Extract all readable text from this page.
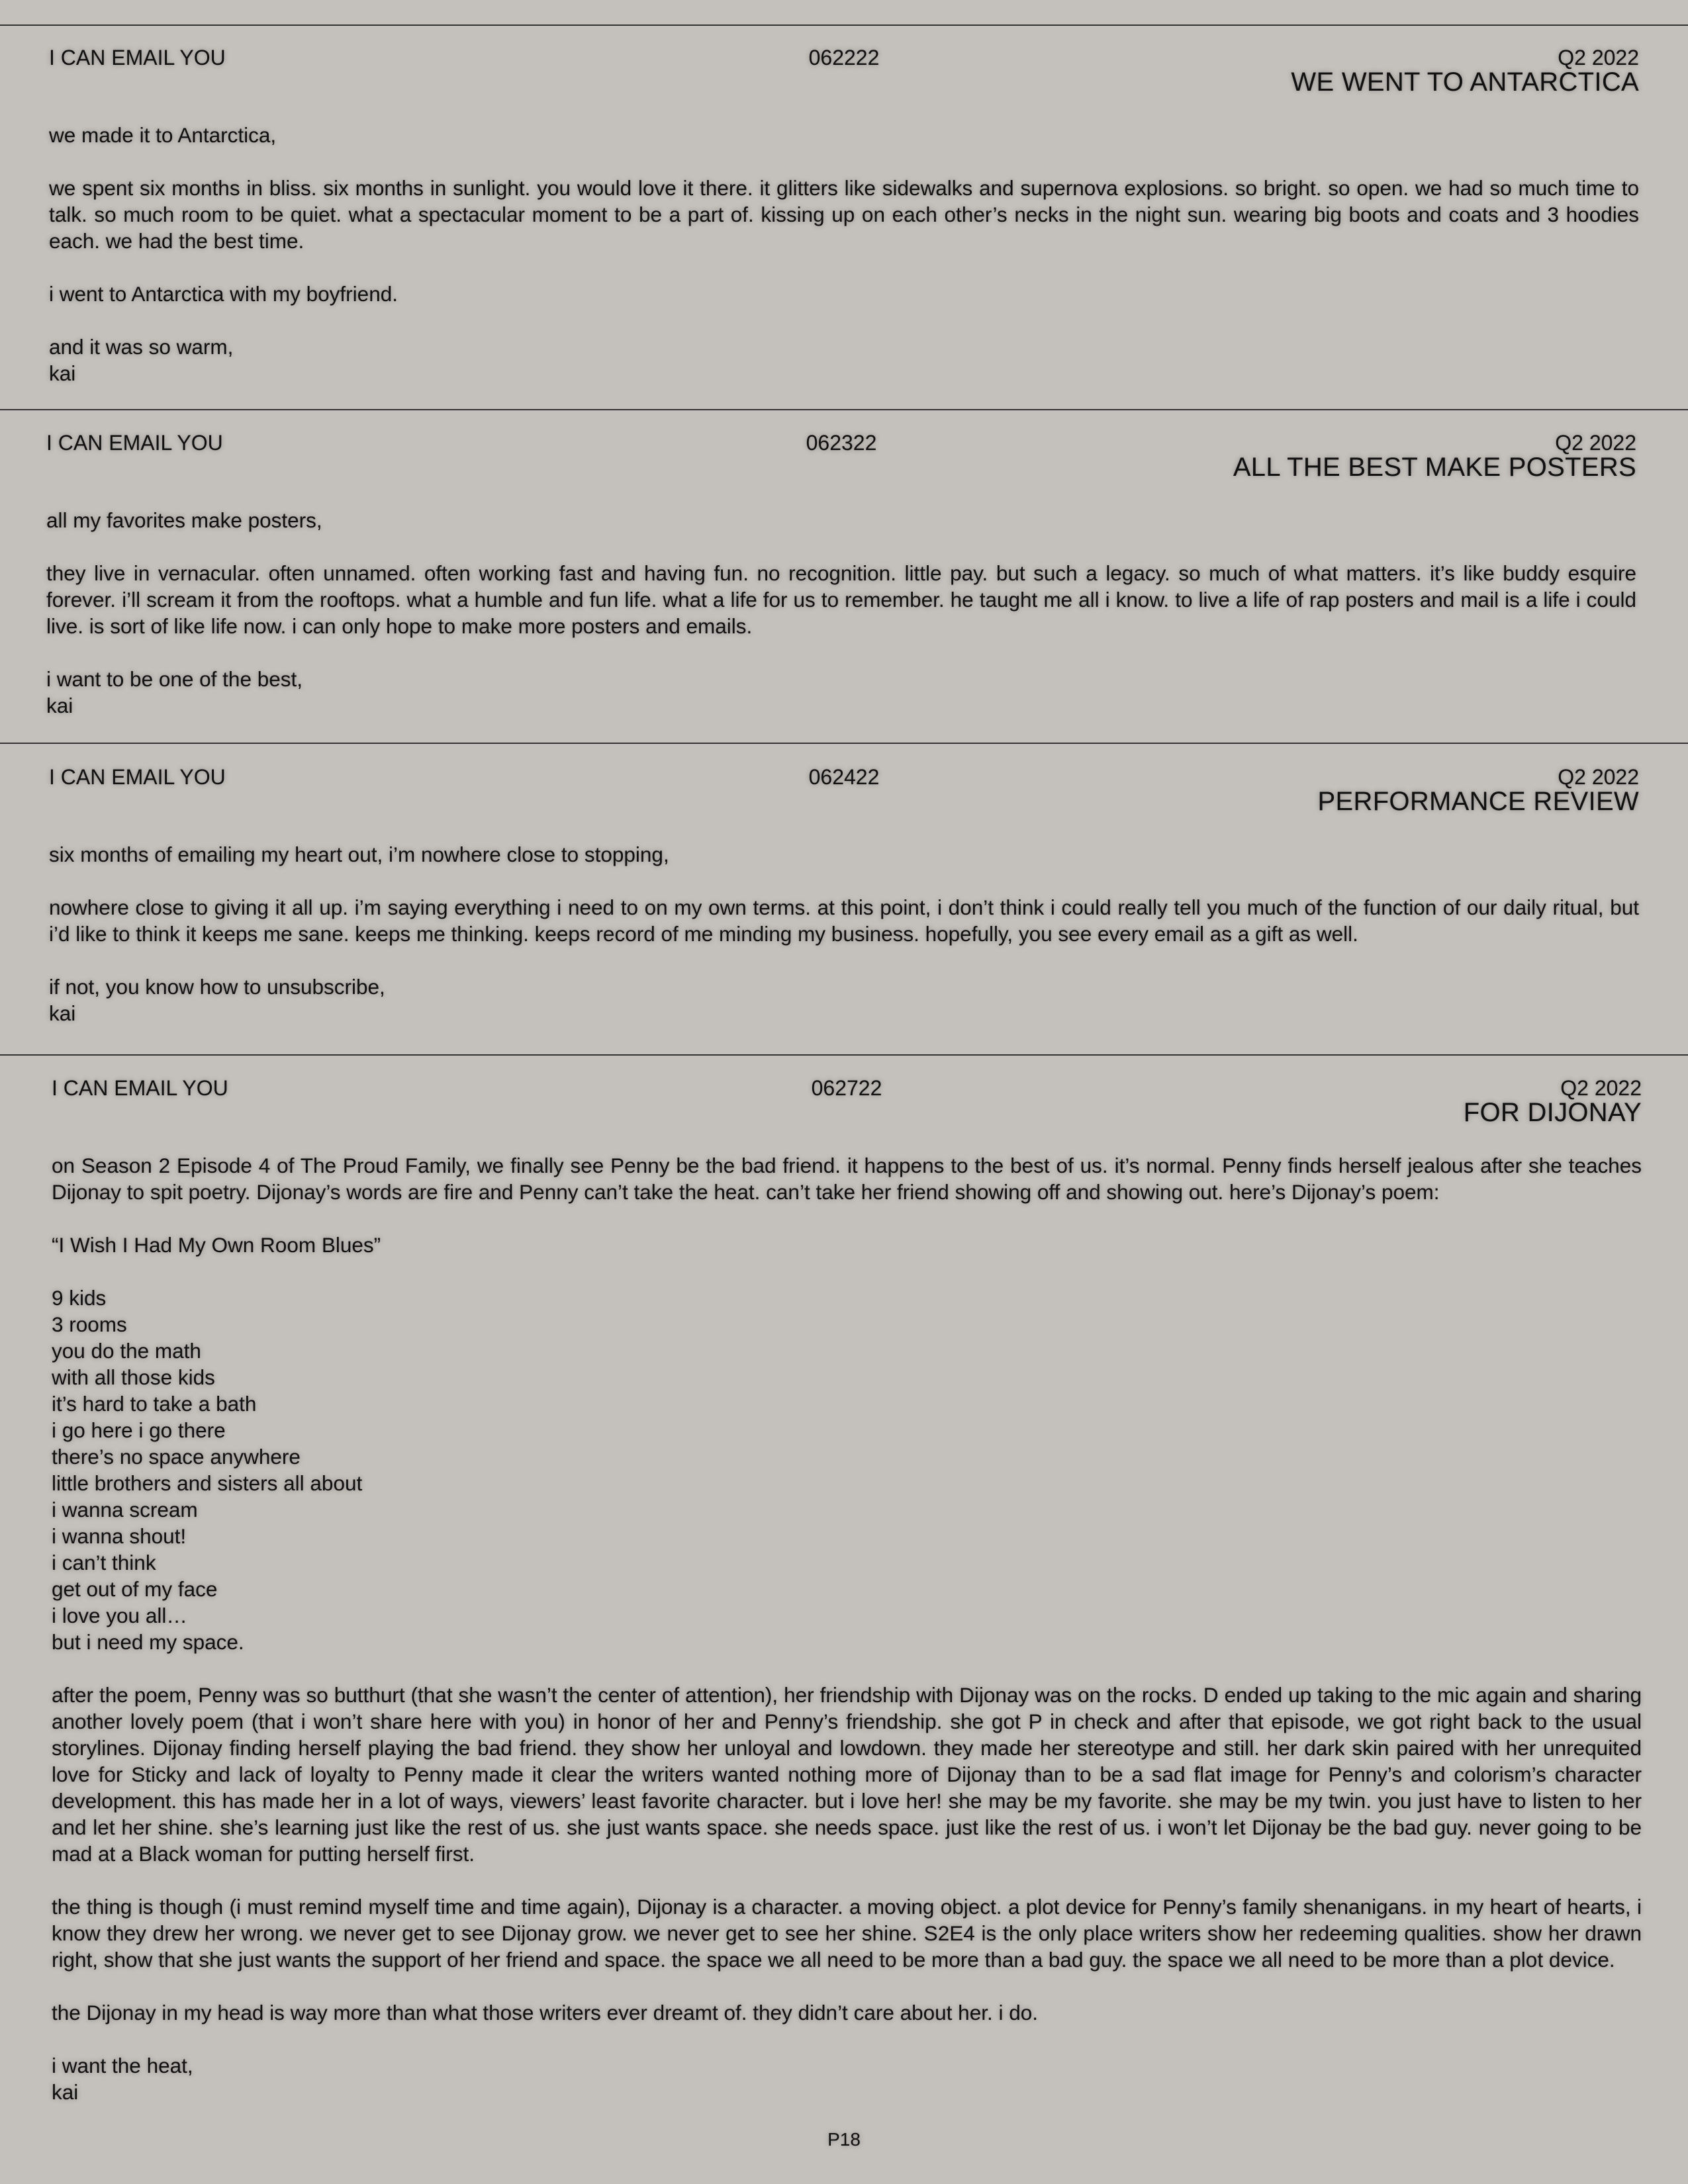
I CAN EMAIL YOU	062222	Q2 2022
WE WENT TO ANTARCTICA

we made it to Antarctica,

we spent six months in bliss. six months in sunlight. you would love it there. it glitters like sidewalks and supernova explosions. so bright. so open. we had so much time to talk. so much room to be quiet. what a spectacular moment to be a part of. kissing up on each other’s necks in the night sun. wearing big boots and coats and 3 hoodies each. we had the best time.

i went to Antarctica with my boyfriend.

and it was so warm,
kai

I CAN EMAIL YOU	062322	Q2 2022
ALL THE BEST MAKE POSTERS

all my favorites make posters,

they live in vernacular. often unnamed. often working fast and having fun. no recognition. little pay. but such a legacy. so much of what matters. it’s like buddy esquire forever. i’ll scream it from the rooftops. what a humble and fun life. what a life for us to remember. he taught me all i know. to live a life of rap posters and mail is a life i could live. is sort of like life now. i can only hope to make more posters and emails.

i want to be one of the best,
kai

I CAN EMAIL YOU	062422	Q2 2022
PERFORMANCE REVIEW

six months of emailing my heart out, i’m nowhere close to stopping,

nowhere close to giving it all up. i’m saying everything i need to on my own terms. at this point, i don’t think i could really tell you much of the function of our daily ritual, but i’d like to think it keeps me sane. keeps me thinking. keeps record of me minding my business. hopefully, you see every email as a gift as well.

if not, you know how to unsubscribe,
kai

I CAN EMAIL YOU	062722	Q2 2022
FOR DIJONAY

on Season 2 Episode 4 of The Proud Family, we finally see Penny be the bad friend. it happens to the best of us. it’s normal. Penny finds herself jealous after she teaches Dijonay to spit poetry. Dijonay’s words are fire and Penny can’t take the heat. can’t take her friend showing off and showing out. here’s Dijonay’s poem:

“I Wish I Had My Own Room Blues”

9 kids
3 rooms
you do the math
with all those kids
it’s hard to take a bath
i go here i go there
there’s no space anywhere
little brothers and sisters all about
i wanna scream
i wanna shout!
i can’t think
get out of my face
i love you all…
but i need my space.

after the poem, Penny was so butthurt (that she wasn’t the center of attention), her friendship with Dijonay was on the rocks. D ended up taking to the mic again and sharing another lovely poem (that i won’t share here with you) in honor of her and Penny’s friendship. she got P in check and after that episode, we got right back to the usual storylines. Dijonay finding herself playing the bad friend. they show her unloyal and lowdown. they made her stereotype and still. her dark skin paired with her unrequited love for Sticky and lack of loyalty to Penny made it clear the writers wanted nothing more of Dijonay than to be a sad flat image for Penny’s and colorism’s character development. this has made her in a lot of ways, viewers’ least favorite character. but i love her! she may be my favorite. she may be my twin. you just have to listen to her and let her shine. she’s learning just like the rest of us. she just wants space. she needs space. just like the rest of us. i won’t let Dijonay be the bad guy. never going to be mad at a Black woman for putting herself first.

the thing is though (i must remind myself time and time again), Dijonay is a character. a moving object. a plot device for Penny’s family shenanigans. in my heart of hearts, i know they drew her wrong. we never get to see Dijonay grow. we never get to see her shine. S2E4 is the only place writers show her redeeming qualities. show her drawn right, show that she just wants the support of her friend and space. the space we all need to be more than a bad guy. the space we all need to be more than a plot device.

the Dijonay in my head is way more than what those writers ever dreamt of. they didn’t care about her. i do.

i want the heat,
kai

P18
